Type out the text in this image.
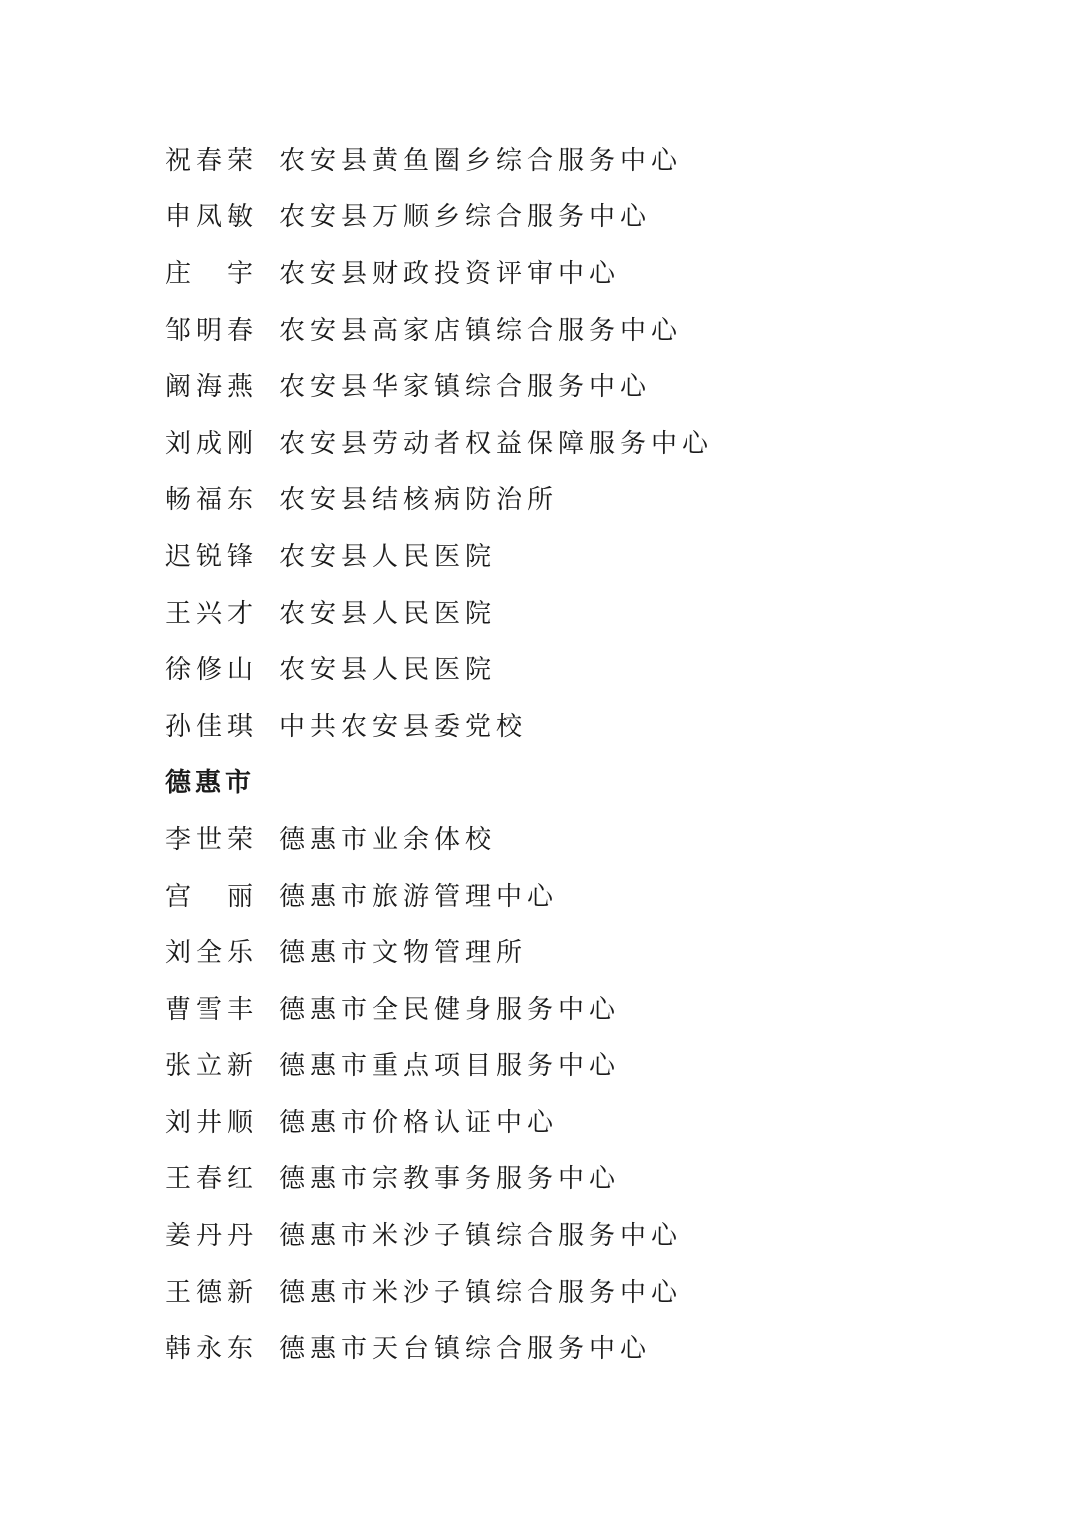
祝春荣 农安县黄鱼圈乡综合服务中心
申凤敏 农安县万顺乡综合服务中心
庄　宇 农安县财政投资评审中心
邹明春 农安县高家店镇综合服务中心
阚海燕 农安县华家镇综合服务中心
刘成刚 农安县劳动者权益保障服务中心
畅福东 农安县结核病防治所
迟锐锋 农安县人民医院
王兴才 农安县人民医院
徐修山 农安县人民医院
孙佳琪 中共农安县委党校
德惠市
李世荣 德惠市业余体校
宫　丽 德惠市旅游管理中心
刘全乐 德惠市文物管理所
曹雪丰 德惠市全民健身服务中心
张立新 德惠市重点项目服务中心
刘井顺 德惠市价格认证中心
王春红 德惠市宗教事务服务中心
姜丹丹 德惠市米沙子镇综合服务中心
王德新 德惠市米沙子镇综合服务中心
韩永东 德惠市天台镇综合服务中心
